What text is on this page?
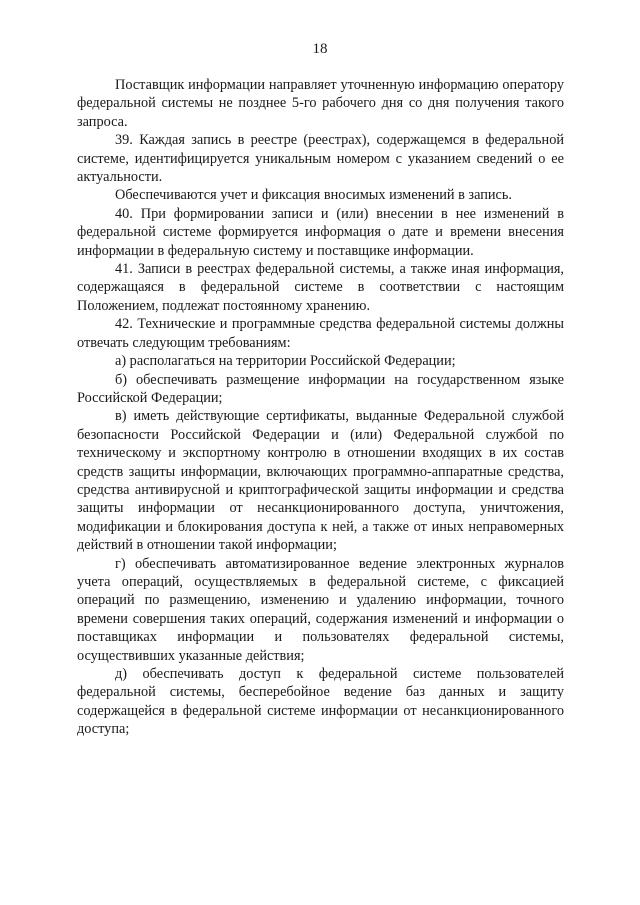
18

Поставщик информации направляет уточненную информацию оператору федеральной системы не позднее 5-го рабочего дня со дня получения такого запроса.

39. Каждая запись в реестре (реестрах), содержащемся в федеральной системе, идентифицируется уникальным номером с указанием сведений о ее актуальности.

Обеспечиваются учет и фиксация вносимых изменений в запись.

40. При формировании записи и (или) внесении в нее изменений в федеральной системе формируется информация о дате и времени внесения информации в федеральную систему и поставщике информации.

41. Записи в реестрах федеральной системы, а также иная информация, содержащаяся в федеральной системе в соответствии с настоящим Положением, подлежат постоянному хранению.

42. Технические и программные средства федеральной системы должны отвечать следующим требованиям:

а) располагаться на территории Российской Федерации;

б) обеспечивать размещение информации на государственном языке Российской Федерации;

в) иметь действующие сертификаты, выданные Федеральной службой безопасности Российской Федерации и (или) Федеральной службой по техническому и экспортному контролю в отношении входящих в их состав средств защиты информации, включающих программно-аппаратные средства, средства антивирусной и криптографической защиты информации и средства защиты информации от несанкционированного доступа, уничтожения, модификации и блокирования доступа к ней, а также от иных неправомерных действий в отношении такой информации;

г) обеспечивать автоматизированное ведение электронных журналов учета операций, осуществляемых в федеральной системе, с фиксацией операций по размещению, изменению и удалению информации, точного времени совершения таких операций, содержания изменений и информации о поставщиках информации и пользователях федеральной системы, осуществивших указанные действия;

д) обеспечивать доступ к федеральной системе пользователей федеральной системы, бесперебойное ведение баз данных и защиту содержащейся в федеральной системе информации от несанкционированного доступа;
